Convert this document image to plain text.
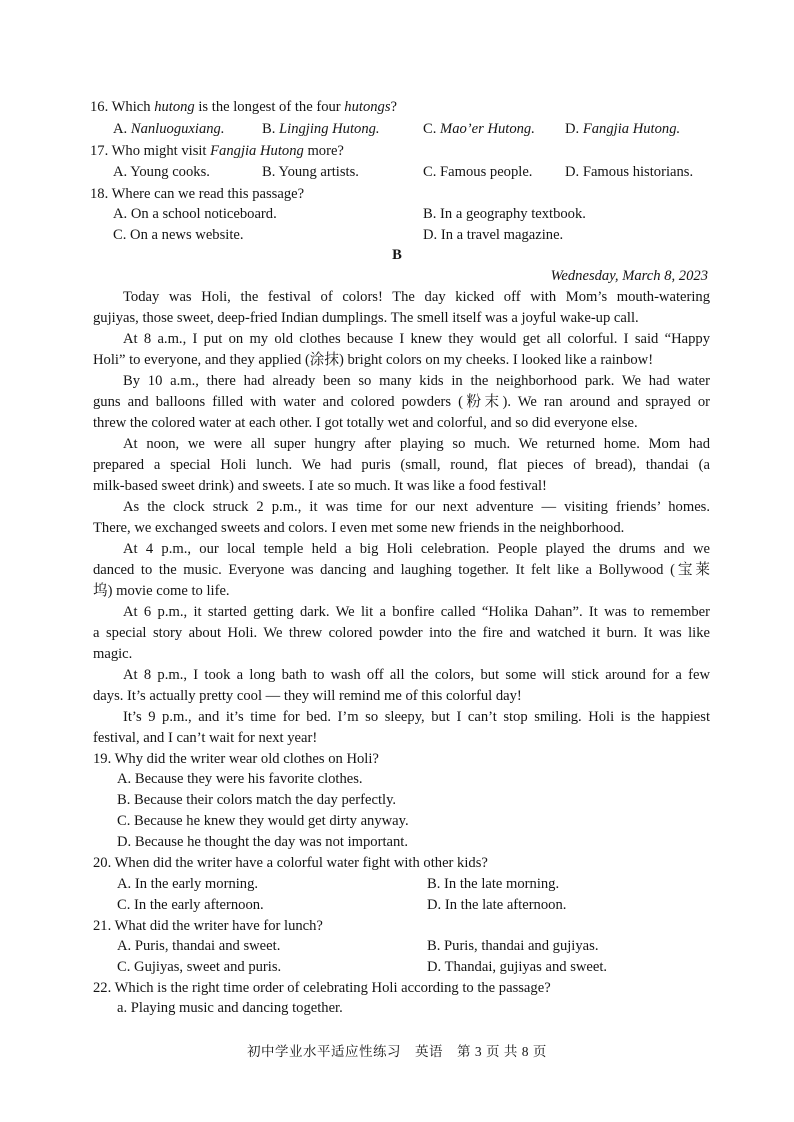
16. Which hutong is the longest of the four hutongs?
A. Nanluoguxiang.	B. Lingjing Hutong.	C. Mao’er Hutong. D. Fangjia Hutong.
17. Who might visit Fangjia Hutong more?
A. Young cooks.	B. Young artists.	C. Famous people. D. Famous historians.
18. Where can we read this passage?
A. On a school noticeboard.	B. In a geography textbook.
C. On a news website.	D. In a travel magazine.
B
Wednesday, March 8, 2023
Today was Holi, the festival of colors! The day kicked off with Mom’s mouth-watering
gujiyas, those sweet, deep-fried Indian dumplings. The smell itself was a joyful wake-up call.
At 8 a.m., I put on my old clothes because I knew they would get all colorful. I said “Happy
Holi” to everyone, and they applied (涂抹) bright colors on my cheeks. I looked like a rainbow!
By 10 a.m., there had already been so many kids in the neighborhood park. We had water
guns and balloons filled with water and colored powders (粉末). We ran around and sprayed or
threw the colored water at each other. I got totally wet and colorful, and so did everyone else.
At noon, we were all super hungry after playing so much. We returned home. Mom had
prepared a special Holi lunch. We had puris (small, round, flat pieces of bread), thandai (a
milk-based sweet drink) and sweets. I ate so much. It was like a food festival!
As the clock struck 2 p.m., it was time for our next adventure — visiting friends’ homes.
There, we exchanged sweets and colors. I even met some new friends in the neighborhood.
At 4 p.m., our local temple held a big Holi celebration. People played the drums and we
danced to the music. Everyone was dancing and laughing together. It felt like a Bollywood (宝莱
坞) movie come to life.
At 6 p.m., it started getting dark. We lit a bonfire called “Holika Dahan”. It was to remember
a special story about Holi. We threw colored powder into the fire and watched it burn. It was like
magic.
At 8 p.m., I took a long bath to wash off all the colors, but some will stick around for a few
days. It’s actually pretty cool — they will remind me of this colorful day!
It’s 9 p.m., and it’s time for bed. I’m so sleepy, but I can’t stop smiling. Holi is the happiest
festival, and I can’t wait for next year!
19. Why did the writer wear old clothes on Holi?
A. Because they were his favorite clothes.
B. Because their colors match the day perfectly.
C. Because he knew they would get dirty anyway.
D. Because he thought the day was not important.
20. When did the writer have a colorful water fight with other kids?
A. In the early morning.	B. In the late morning.
C. In the early afternoon.	D. In the late afternoon.
21. What did the writer have for lunch?
A. Puris, thandai and sweet.	B. Puris, thandai and gujiyas.
C. Gujiyas, sweet and puris.	D. Thandai, gujiyas and sweet.
22. Which is the right time order of celebrating Holi according to the passage?
a. Playing music and dancing together.
初中学业水平适应性练习　英语　第 3 页 共 8 页
